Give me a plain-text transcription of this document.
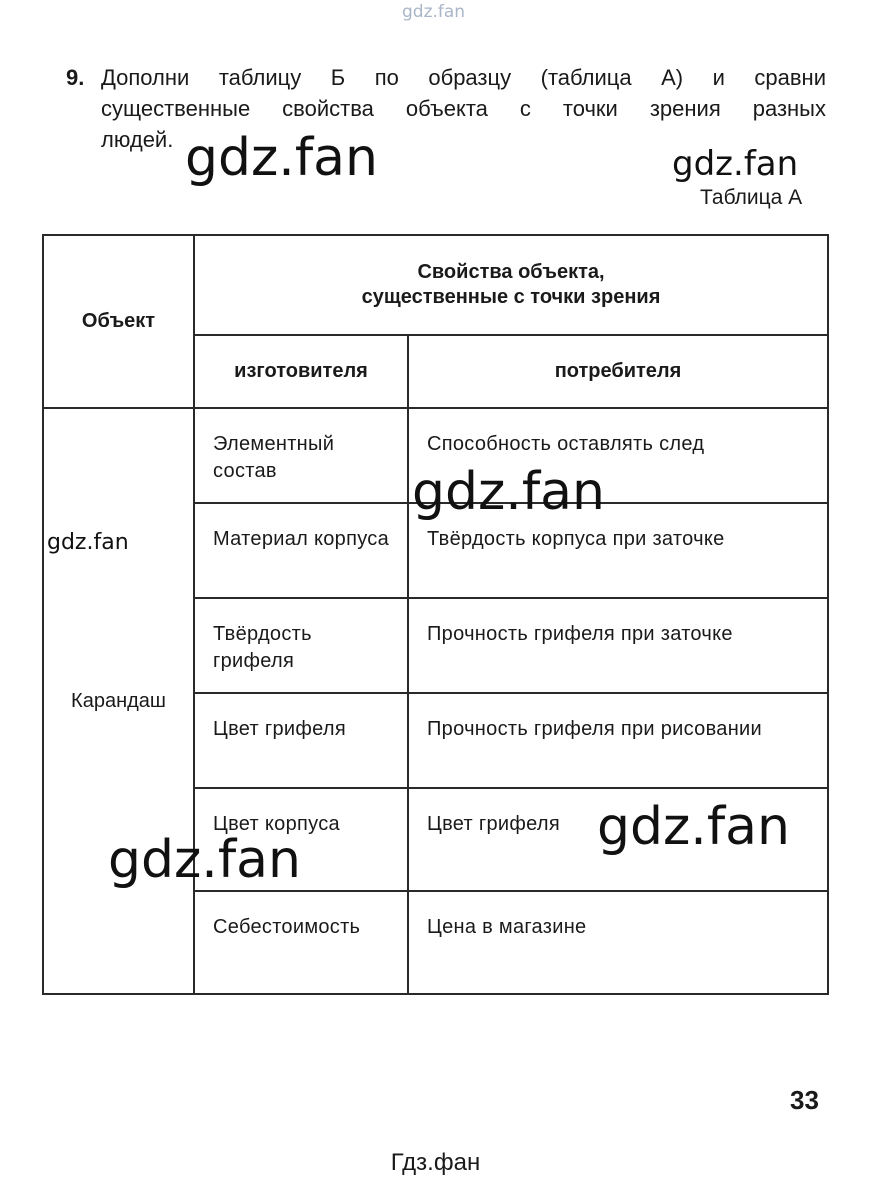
gdz.fan
9. Дополни таблицу Б по образцу (таблица А) и сравни
существенные свойства объекта с точки зрения разных
людей.
Таблица А
Объект	Свойства объекта,
существенные с точки зрения	

	изготовителя	потребителя
Карандаш	Элементный состав	Способность оставлять след
	Материал корпуса	Твёрдость корпуса при заточке
	Твёрдость грифеля	Прочность грифеля при заточке
	Цвет грифеля	Прочность грифеля при рисовании
	Цвет корпуса	Цвет грифеля
	Себестоимость	Цена в магазине
gdz.fan	gdz.fan
gdz.fan
gdz.fan
gdz.fan
gdz.fan
33
Гдз.фан
